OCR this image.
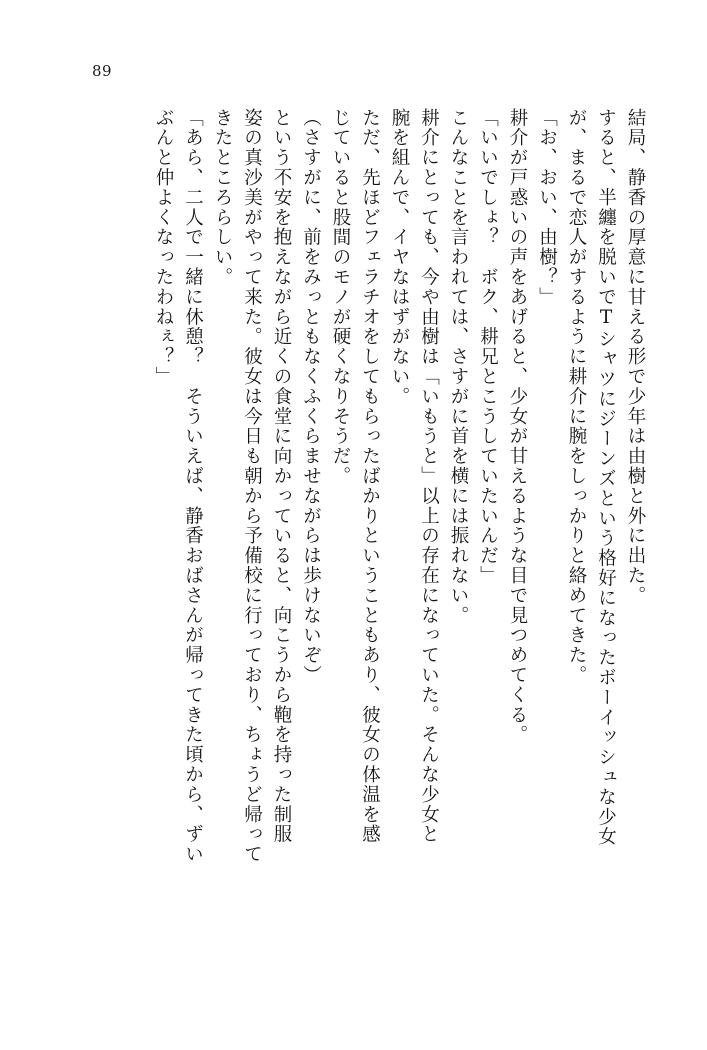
89
結局、静香の厚意に甘える形で少年は由樹と外に出た。
すると、半纏を脱いでTシャツにジーンズという格好になったボーイッシュな少女
が、まるで恋人がするように耕介に腕をしっかりと絡めてきた。
「お、おい、由樹？」
耕介が戸惑いの声をあげると、少女が甘えるような目で見つめてくる。
「いいでしょ？　ボク、耕兄とこうしていたいんだ」
こんなことを言われては、さすがに首を横には振れない。
耕介にとっても、今や由樹は「いもうと」以上の存在になっていた。そんな少女と
腕を組んで、イヤなはずがない。
ただ、先ほどフェラチオをしてもらったばかりということもあり、彼女の体温を感
じていると股間のモノが硬くなりそうだ。
（さすがに、前をみっともなくふくらませながらは歩けないぞ）
という不安を抱えながら近くの食堂に向かっていると、向こうから鞄を持った制服
姿の真沙美がやって来た。彼女は今日も朝から予備校に行っており、ちょうど帰って
きたところらしい。
「あら、二人で一緒に休憩？　そういえば、静香おばさんが帰ってきた頃から、ずい
ぶんと仲よくなったわねぇ？」
